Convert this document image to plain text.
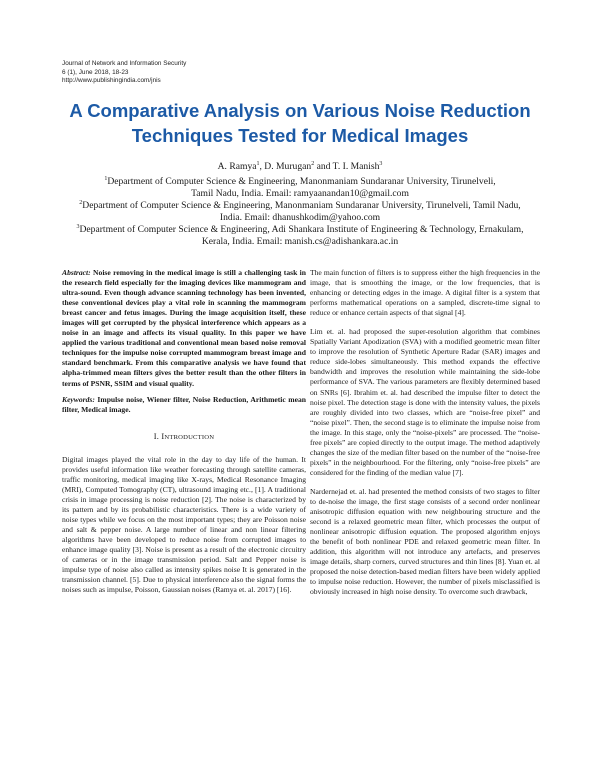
Journal of Network and Information Security
6 (1), June 2018, 18-23
http://www.publishingindia.com/jnis
A Comparative Analysis on Various Noise Reduction
Techniques Tested for Medical Images
A. Ramya$^1$, D. Murugan$^2$ and T. I. Manish$^3$
$^1$Department of Computer Science & Engineering, Manonmaniam Sundaranar University, Tirunelveli,
Tamil Nadu, India. Email: ramyaanandan10@gmail.com
$^2$Department of Computer Science & Engineering, Manonmaniam Sundaranar University, Tirunelveli, Tamil Nadu,
India. Email: dhanushkodim@yahoo.com
$^3$Department of Computer Science & Engineering, Adi Shankara Institute of Engineering & Technology, Ernakulam,
Kerala, India. Email: manish.cs@adishankara.ac.in

Abstract: Noise removing in the medical image is still a challenging task in the research field especially for the imaging devices like mammogram and ultra-sound. Even though advance scanning technology has been invented, these conventional devices play a vital role in scanning the mammogram breast cancer and fetus images. During the image acquisition itself, these images will get corrupted by the physical interference which appears as a noise in an image and affects its visual quality. In this paper we have applied the various traditional and conventional mean based noise removal techniques for the impulse noise corrupted mammogram breast image and standard benchmark. From this comparative analysis we have found that alpha-trimmed mean filters gives the better result than the other filters in terms of PSNR, SSIM and visual quality.

Keywords: Impulse noise, Wiener filter, Noise Reduction, Arithmetic mean filter, Medical image.

I. INTRODUCTION

Digital images played the vital role in the day to day life of the human. It provides useful information like weather forecasting through satellite cameras, traffic monitoring, medical imaging like X-rays, Medical Resonance Imaging (MRI), Computed Tomography (CT), ultrasound imaging etc., [1]. A traditional crisis in image processing is noise reduction [2]. The noise is characterized by its pattern and by its probabilistic characteristics. There is a wide variety of noise types while we focus on the most important types; they are Poisson noise and salt & pepper noise. A large number of linear and non linear filtering algorithms have been developed to reduce noise from corrupted images to enhance image quality [3]. Noise is present as a result of the electronic circuitry of cameras or in the image transmission period. Salt and Pepper noise is impulse type of noise also called as intensity spikes noise It is generated in the transmission channel. [5]. Due to physical interference also the signal forms the noises such as impulse, Poisson, Gaussian noises (Ramya et. al. 2017) [16].

The main function of filters is to suppress either the high frequencies in the image, that is smoothing the image, or the low frequencies, that is enhancing or detecting edges in the image. A digital filter is a system that performs mathematical operations on a sampled, discrete-time signal to reduce or enhance certain aspects of that signal [4].

Lim et. al. had proposed the super-resolution algorithm that combines Spatially Variant Apodization (SVA) with a modified geometric mean filter to improve the resolution of Synthetic Aperture Radar (SAR) images and reduce side-lobes simultaneously. This method expands the effective bandwidth and improves the resolution while maintaining the side-lobe performance of SVA. The various parameters are flexibly determined based on SNRs [6]. Ibrahim et. al. had described the impulse filter to detect the noise pixel. The detection stage is done with the intensity values, the pixels are roughly divided into two classes, which are “noise-free pixel” and “noise pixel”. Then, the second stage is to eliminate the impulse noise from the image. In this stage, only the “noise-pixels” are processed. The “noise-free pixels” are copied directly to the output image. The method adaptively changes the size of the median filter based on the number of the “noise-free pixels” in the neighbourhood. For the filtering, only “noise-free pixels” are considered for the finding of the median value [7].

Nardernejad et. al. had presented the method consists of two stages to filter to de-noise the image, the first stage consists of a second order nonlinear anisotropic diffusion equation with new neighbouring structure and the second is a relaxed geometric mean filter, which processes the output of nonlinear anisotropic diffusion equation. The proposed algorithm enjoys the benefit of both nonlinear PDE and relaxed geometric mean filter. In addition, this algorithm will not introduce any artefacts, and preserves image details, sharp corners, curved structures and thin lines [8]. Yuan et. al proposed the noise detection-based median filters have been widely applied to impulse noise reduction. However, the number of pixels misclassified is obviously increased in high noise density. To overcome such drawback,
